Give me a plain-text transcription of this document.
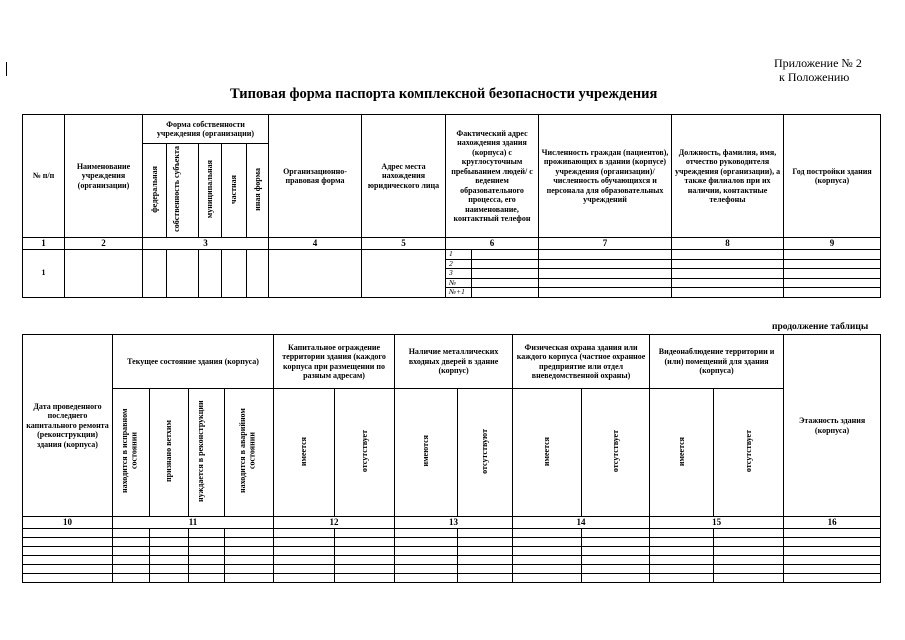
Приложение № 2
к Положению
Типовая форма паспорта комплексной безопасности учреждения
№ п/п	Наименование учреждения (организации)	Форма собственности учреждения (организации)					Организационно-правовая форма	Адрес места нахождения юридического лица	Фактический адрес нахождения здания (корпуса) с круглосуточным пребыванием людей/ с ведением образовательного процесса, его наименование, контактный телефон		Численность граждан (пациентов), проживающих в здании (корпусе) учреждения (организации)/ численность обучающихся и персонала для образовательных учреждений	Должность, фамилия, имя, отчество руководителя учреждения (организации), а также филиалов при их наличии, контактные телефоны	Год постройки здания (корпуса)	
		федеральная	собственность субъекта	муниципальная	частная	иная форма								
1	2	3					4	5	6		7	8	9	
1									1					
									2					
									3					
									№					
									№+1					
продолжение таблицы
Дата проведенного последнего капитального ремонта (реконструкции) здания (корпуса)	Текущее состояние здания (корпуса)				Капитальное ограждение территории здания (каждого корпуса при размещении по разным адресам)		Наличие металлических входных дверей в здание (корпус)		Физическая охрана здания или каждого корпуса (частное охранное предприятие или отдел вневедомственной охраны)		Видеонаблюдение территории и (или) помещений для здания (корпуса)		Этажность здания (корпуса)
	находится в исправном состоянии	признано ветхим	нуждается в реконструкции	находится в аварийном состоянии	имеется	отсутствует	имеются	отсутствуют	имеется	отсутствует	имеется	отсутствует	
10	11				12		13		14		15		16
